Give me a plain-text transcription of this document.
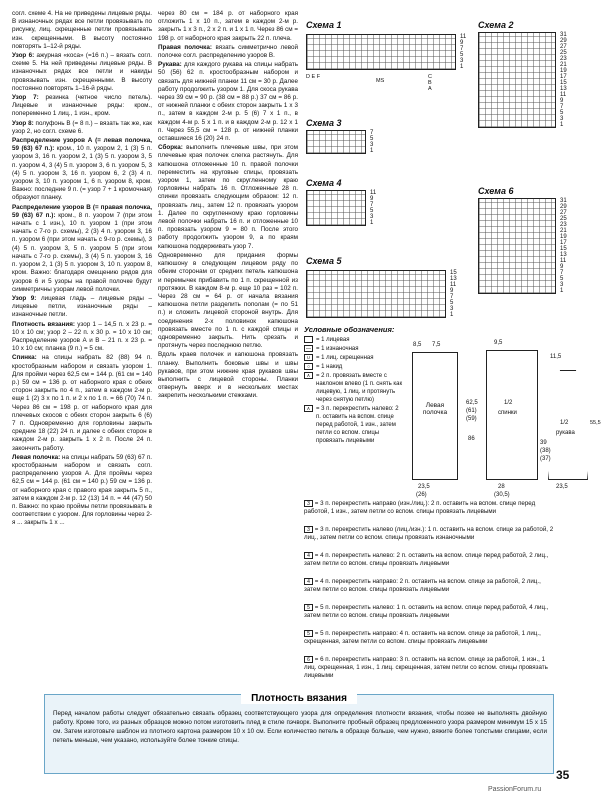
согл. схеме 4. На не приведены лицевые ряды. В изнаночных рядах все петли провязывать по рисунку, лиц. скрещенные петли провязывать изн. скрещенными. В высоту постоянно повторять 1–12-й ряды.

Узор 6: ажурная «коса» (=16 п.) – вязать согл. схеме 5. На ней приведены лицевые ряды. В изнаночных рядах все петли и накиды провязывать изн. скрещенными. В высоту постоянно повторять 1–16-й ряды.

Узор 7: резинка (четное число петель). Лицевые и изнаночные ряды: кром., попеременно 1 лиц., 1 изн., кром.

Узор 8: полуфонь В (= 8 п.) – вязать так же, как узор 2, но согл. схеме 6.

Распределение узоров А (= левая полочка, 59 (63) 67 п.): кром., 10 п. узором 2, 1 (3) 5 п. узором 3, 16 п. узором 2, 1 (3) 5 п. узором 3, 5 п. узором 4, 3 (4) 5 п. узором 3, 6 п. узором 5, 3 (4) 5 п. узором 3, 16 п. узором 6, 2 (3) 4 п. узором 3, 10 п. узором 1, 6 п. узором 8, кром. Важно: последние 9 п. (= узор 7 + 1 кромочная) образуют планку.

Распределение узоров В (= правая полочка, 59 (63) 67 п.): кром., 8 п. узором 7 (при этом начать с 1 изн.), 10 п. узором 1 (при этом начать с 7-го р. схемы), 2 (3) 4 п. узором 3, 16 п. узором 6 (при этом начать с 9-го р. схемы), 3 (4) 5 п. узором 3, 5 п. узором 5 (при этом начать с 7-го р. схемы), 3 (4) 5 п. узором 3, 16 п. узором 2, 1 (3) 5 п. узором 3, 10 п. узором 8, кром. Важно: благодаря смещению рядов для узоров 6 и 5 узоры на правой полочке будут симметричны узорам левой полочки.

Узор 9: лицевая гладь – лицевые ряды – лицевые петли, изнаночные ряды – изнаночные петли.

Плотность вязания: узор 1 – 14,5 п. x 23 р. = 10 x 10 см; узор 2 – 22 п. x 30 р. = 10 x 10 см; Распределение узоров А и В – 21 п. x 23 р. = 10 x 10 см; планка (9 п.) = 5 см.

Спинка: на спицы набрать 82 (88) 94 п. кростобразным набором и связать узором 1. Для пройми через 62,5 см = 144 р. (61 см = 140 р.) 59 см = 136 р. от наборного края с обеих сторон закрыть по 4 п., затем в каждом 2-м р. еще 1 (2) 3 x по 1 п. и 2 x по 1 п. = 66 (70) 74 п. Через 86 см = 198 р. от наборного края для плечевых скосов с обеих сторон закрыть 6 (6) 7 п. Одновременно для горловины закрыть средние 18 (22) 24 п. и далее с обеих сторон в каждом 2-м р. закрыть 1 x 2 п. После 24 п. закончить работу.

Левая полочка: на спицы набрать 59 (63) 67 п. кростобразным набором и связать согл. распределению узоров А. Для проймы через 62,5 см = 144 р. (61 см = 140 р.) 59 см = 136 р. от наборного края с правого края закрыть 5 п., затем в каждом 2-м р. 12 (13) 14 п. = 44 (47) 50 п. Важно: по краю проймы петли провязывать в соответствии с узором. Для горловины через 2-я ... закрыть 1 x ...

через 80 см = 184 р. от наборного края отложить 1 x 10 п., затем в каждом 2-м р. закрыть 1 x 3 п., 2 x 2 п. и 1 x 1 п. Через 86 см = 198 р. от наборного края закрыть 22 п. плеча.

Правая полочка: вязать симметрично левой полочке согл. распределению узоров В.

Рукава: для каждого рукава на спицы набрать 50 (56) 62 п. кростообразным набором и связать для нижней планки 11 см = 30 р. Далее работу продолжить узором 1. Для скоса рукава через 39 см = 90 р. (38 см = 88 р.) 37 см = 86 р. от нижней планки с обеих сторон закрыть 1 x 3 п., затем в каждом 2-м р. 5 (6) 7 x 1 п., в каждом 4-м р. 5 x 1 п. и в каждом 2-м р. 12 x 1 п. Через 55,5 см = 128 р. от нижней планки оставшиеся 16 (20) 24 п.

Сборка: выполнить плечевые швы, при этом плечевые края полочек слегка растянуть. Для капюшона отложенные 10 п. правой полочки переместить на круговые спицы, провязать узором 1, затем по скругленному краю горловины набрать 16 п. Отложенные 28 п. спинки провязать следующим образом: 12 п. провязать лиц., затем 12 п. провязать узором 1. Далее по скругленному краю горловины левой полочки набрать 16 п. и отложенные 10 п. провязать узором 9 = 80 п. После этого работу продолжить узором 9, а по краям капюшона поддерживать узор 7.

Одновременно для придания формы капюшону в следующем лицевом ряду по обеим сторонам от средних петель капюшона и перемычек прибавить по 1 п. скрещенной из протяжки. В каждом 8-м р. еще 10 раз = 102 п. Через 28 см = 64 р. от начала вязания капюшона петли разделить пополам (= по 51 п.) и сложить лицевой стороной внутрь. Для соединения 2-х половинок капюшона провязать вместе по 1 п. с каждой спицы и одновременно закрыть. Нить срезать и протянуть через последнюю петлю.

Вдоль краев полочек и капюшона провязать планку. Выполнить боковые швы и швы рукавов, при этом нижние края рукавов швы выполнить с лицевой стороны. Планки отвернуть вверх и в нескольких местах закрепить несколькими стежками.

Схема 1
11
9
7
5
3
1
D E F
MS
C B A
Схема 2
31
29
27
25
23
21
19
17
15
13
11
9
7
5
3
1
Схема 3
7
5
3
1
Схема 4
11
9
7
5
3
1
Схема 5
15
13
11
9
7
5
3
1
Схема 6
31
29
27
25
23
21
19
17
15
13
11
9
7
5
3
1
Условные обозначения:
= 1 лицевая
— = 1 изнаночная
∪ = 1 лиц. скрещенная
○ = 1 накид
∧ = 2 п. провязать вместе с наклоном влево (1 п. снять как лицевую, 1 лиц. и протянуть через снятую петлю)
∧ = 3 п. перекрестить налево: 2 п. оставить на вспом. спице перед работой, 1 изн., затем петли со вспом. спицы провязать лицевыми
Левая полочка
8,5 7,5
62,5
(61)
(59)
23,5
(26)
1/2
спинки
9,5
86
28
(30,5)
1/2
рукава
11,5
39
(38)
(37)
55,5
23,5
3 = 3 п. перекрестить направо (изн./лиц.): 2 п. оставить на вспом. спице перед работой, 1 изн., затем петли со вспом. спицы провязать лицевыми
3 = 3 п. перекрестить налево (лиц./изн.): 1 п. оставить на вспом. спице за работой, 2 лиц., затем петли со вспом. спицы провязать изнаночными
4 = 4 п. перекрестить налево: 2 п. оставить на вспом. спице перед работой, 2 лиц., затем петли со вспом. спицы провязать лицевыми
4 = 4 п. перекрестить направо: 2 п. оставить на вспом. спице за работой, 2 лиц., затем петли со вспом. спицы провязать лицевыми
5 = 5 п. перекрестить налево: 1 п. оставить на вспом. спице перед работой, 4 лиц., затем петли со вспом. спицы провязать лицевыми
5 = 5 п. перекрестить направо: 4 п. оставить на вспом. спице за работой, 1 лиц., скрещенная, затем петли со вспом. спицы провязать лицевыми
6 = 6 п. перекрестить направо: 3 п. оставить на вспом. спице за работой, 1 изн., 1 лиц. скрещенная, 1 изн., 1 лиц. скрещенная, затем петли со вспом. спицы провязать лицевыми
Плотность вязания
Перед началом работы следует обязательно связать образец соответствующего узора для определения плотности вязания, чтобы позже не выполнять двойную работу. Кроме того, из разных образцов можно потом изготовить плед в стиле пэчворк. Выполните пробный образец предложенного узора размером минимум 15 x 15 см. Затем изготовьте шаблон из плотного картона размером 10 x 10 см. Если количество петель в образце больше, чем нужно, вяжите более толстыми спицами, если петель меньше, чем указано, используйте более тонкие спицы.
35
PassionForum.ru
